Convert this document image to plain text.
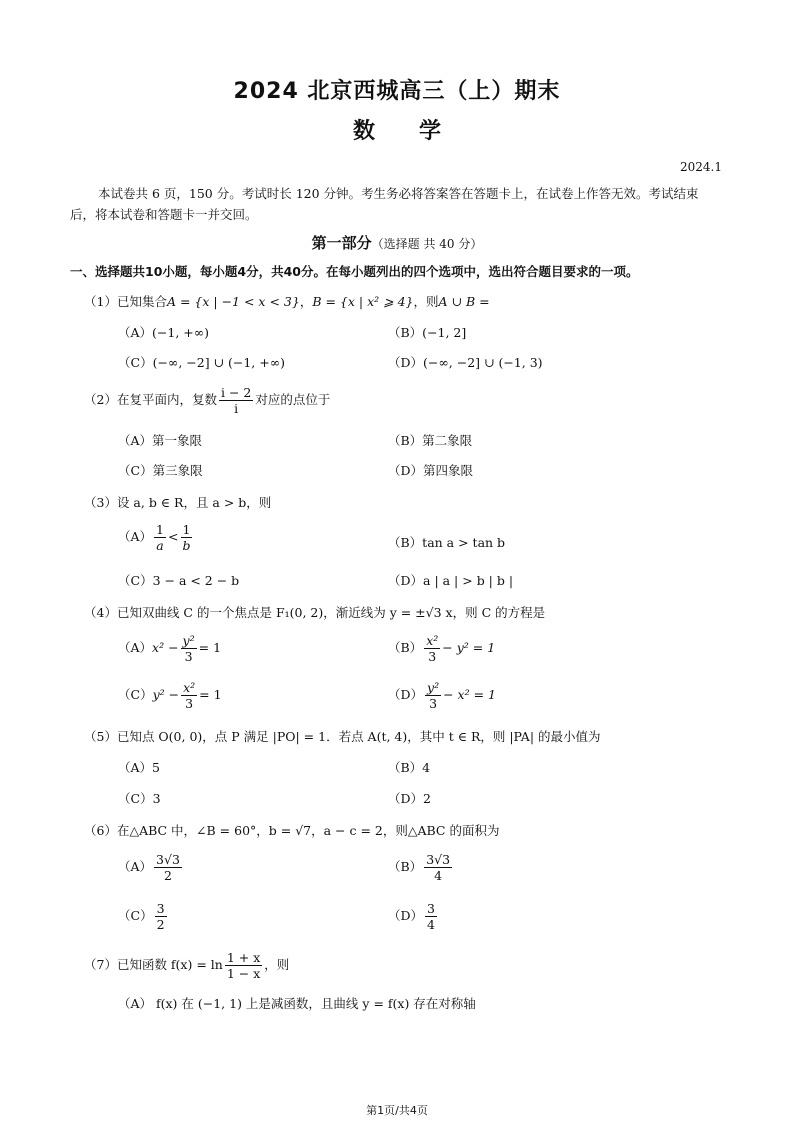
2024 北京西城高三（上）期末
数　　学
2024.1
本试卷共 6 页，150 分。考试时长 120 分钟。考生务必将答案答在答题卡上，在试卷上作答无效。考试结束后，将本试卷和答题卡一并交回。
第一部分（选择题 共 40 分）
一、选择题共10小题，每小题4分，共40分。在每小题列出的四个选项中，选出符合题目要求的一项。
（1）已知集合A = {x | −1 < x < 3}，B = {x | x² ⩾ 4}，则A ∪ B =
（A）(−1, +∞)	（B）(−1, 2]
（C）(−∞, −2] ∪ (−1, +∞)	（D）(−∞, −2] ∪ (−1, 3)
（2）在复平面内，复数 $\frac{i - 2}{i}$ 对应的点位于
（A）第一象限	（B）第二象限
（C）第三象限	（D）第四象限
（3）设 a, b ∈ R，且 a > b，则
$(A) \frac{1}{a} < \frac{1}{b}$	（B）tan a > tan b
（C）3 − a < 2 − b	（D）a | a | > b | b |
（4）已知双曲线 C 的一个焦点是 F₁(0, 2)，渐近线为 y = ±√3 x，则 C 的方程是
$(A)x^2 - \frac{\text{y²}}{3} = 1$	$(B) \frac{\text{x²}}{3} - y^2 = 1$
$(C)y^2 - \frac{\text{x²}}{3} = 1$	$(D) \frac{\text{y²}}{3} - x^2 = 1$
（5）已知点 O(0, 0)，点 P 满足 |PO| = 1．若点 A(t, 4)，其中 t ∈ R，则 |PA| 的最小值为
（A）5	（B）4
（C）3	（D）2
（6）在△ABC 中，∠B = 60°，b = √7，a − c = 2，则△ABC 的面积为
$(A) \frac{3√3}{2}$	$(B) \frac{3√3}{4}$
$(C) \frac{3}{2}$	$(D) \frac{3}{4}$
（7）已知函数 $f(x) = \ln \frac{1 + x}{1 - x}$ ，则
（A） f(x) 在 (−1, 1) 上是减函数，且曲线 y = f(x) 存在对称轴
第1页/共4页
